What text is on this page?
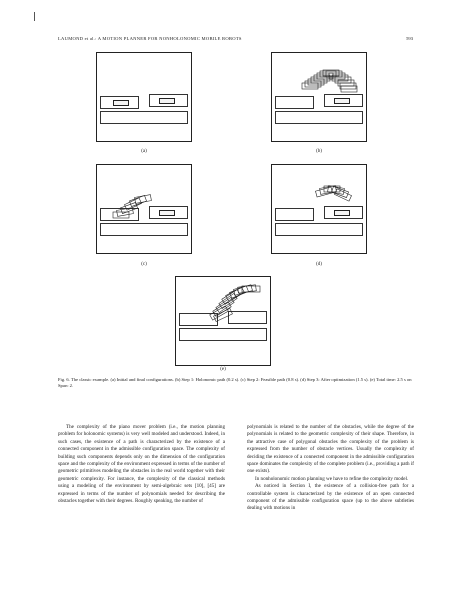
LAUMOND et al.: A MOTION PLANNER FOR NONHOLONOMIC MOBILE ROBOTS	593
(a)	(b)
(c)	(d)
(e)
Fig. 6. The classic example. (a) Initial and final configurations. (b) Step 1: Holonomic path (0.2 s). (c) Step 2: Feasible path (0.8 s). (d) Step 3: After optimization (1.5 s). (e) Total time: 2.5 s on Sparc 2.

The complexity of the piano mover problem (i.e., the motion planning problem for holonomic systems) is very well modeled and understood. Indeed, in such cases, the existence of a path is characterized by the existence of a connected component in the admissible configuration space. The complexity of building such components depends only on the dimension of the configuration space and the complexity of the environment expressed in terms of the number of geometric primitives modeling the obstacles in the real world together with their geometric complexity. For instance, the complexity of the classical methods using a modeling of the environment by semi-algebraic sets [10], [45] are expressed in terms of the number of polynomials needed for describing the obstacles together with their degrees. Roughly speaking, the number of

polynomials is related to the number of the obstacles, while the degree of the polynomials is related to the geometric complexity of their shape. Therefore, in the attractive case of polygonal obstacles the complexity of the problem is expressed from the number of obstacle vertices. Usually the complexity of deciding the existence of a connected component in the admissible configuration space dominates the complexity of the complete problem (i.e., providing a path if one exists).

In nonholonomic motion planning we have to refine the complexity model.

As noticed in Section I, the existence of a collision-free path for a controllable system is characterized by the existence of an open connected component of the admissible configuration space (up to the above subtleties dealing with motions in
